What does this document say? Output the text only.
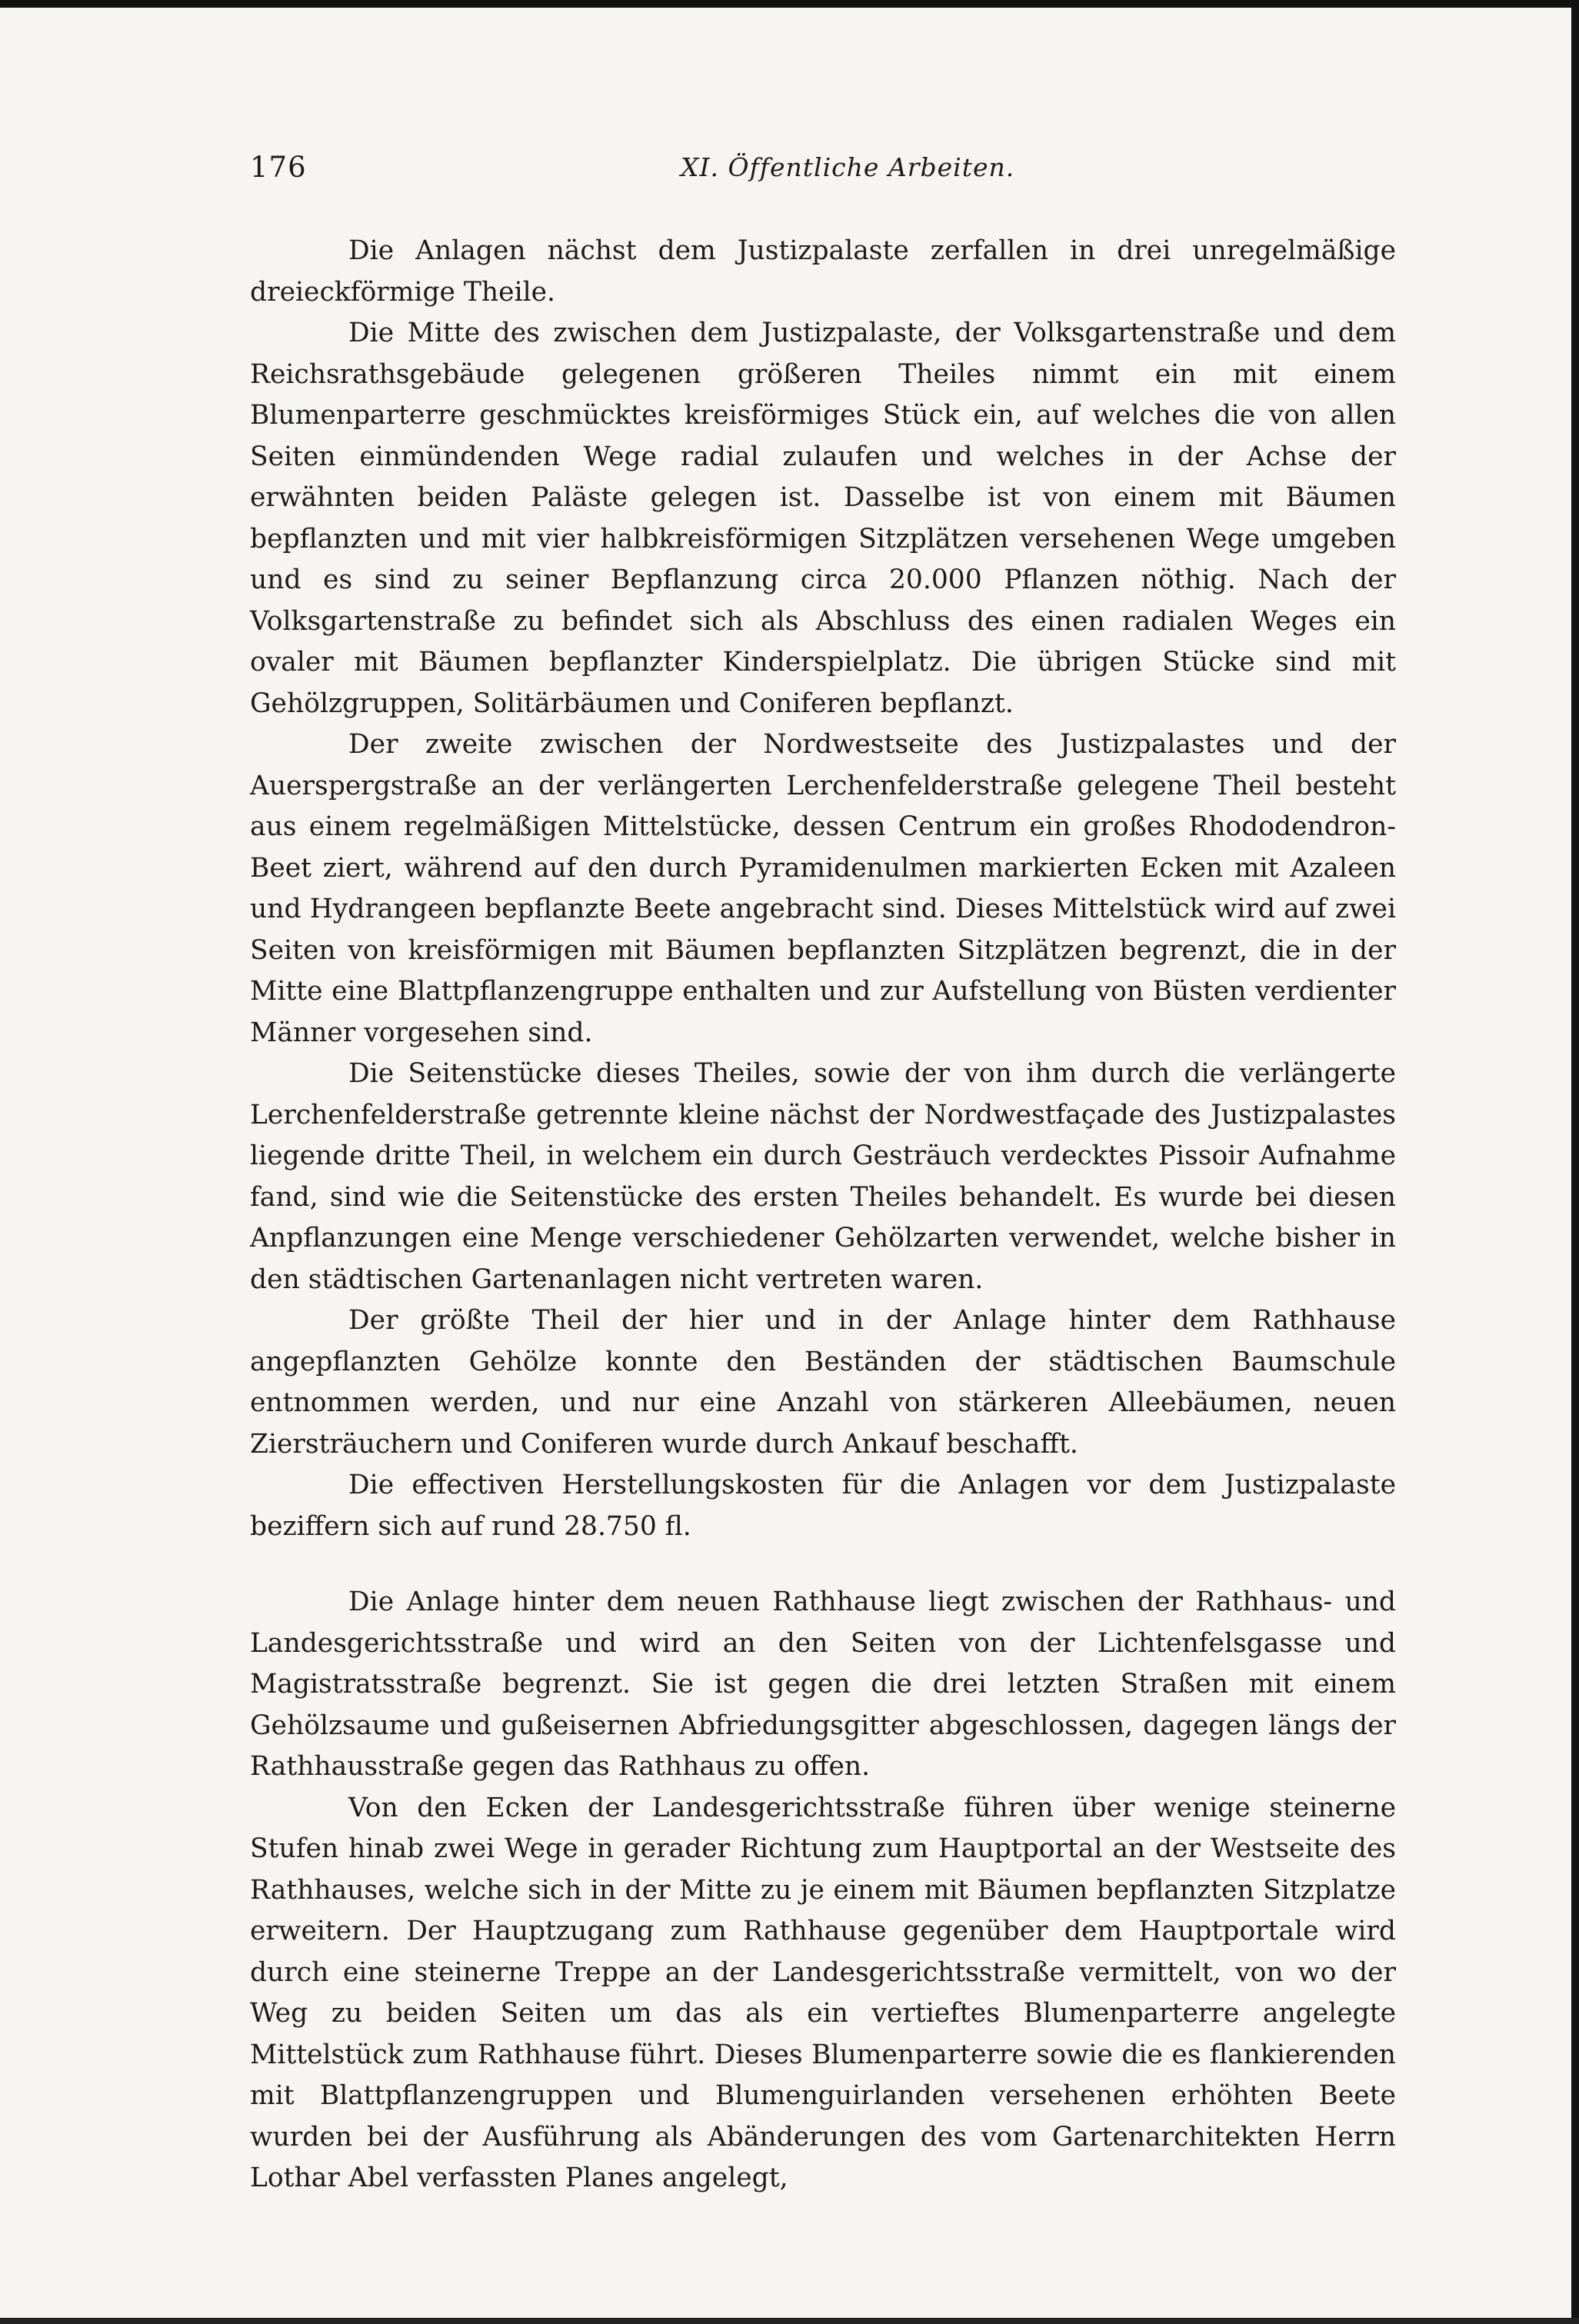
176	XI. Öffentliche Arbeiten.

Die Anlagen nächst dem Justizpalaste zerfallen in drei unregelmäßige dreieckförmige Theile.

Die Mitte des zwischen dem Justizpalaste, der Volksgartenstraße und dem Reichsrathsgebäude gelegenen größeren Theiles nimmt ein mit einem Blumenparterre geschmücktes kreisförmiges Stück ein, auf welches die von allen Seiten einmündenden Wege radial zulaufen und welches in der Achse der erwähnten beiden Paläste gelegen ist. Dasselbe ist von einem mit Bäumen bepflanzten und mit vier halbkreisförmigen Sitzplätzen versehenen Wege umgeben und es sind zu seiner Bepflanzung circa 20.000 Pflanzen nöthig. Nach der Volksgartenstraße zu befindet sich als Abschluss des einen radialen Weges ein ovaler mit Bäumen bepflanzter Kinderspielplatz. Die übrigen Stücke sind mit Gehölzgruppen, Solitärbäumen und Coniferen bepflanzt.

Der zweite zwischen der Nordwestseite des Justizpalastes und der Auerspergstraße an der verlängerten Lerchenfelderstraße gelegene Theil besteht aus einem regelmäßigen Mittelstücke, dessen Centrum ein großes Rhododendron-Beet ziert, während auf den durch Pyramidenulmen markierten Ecken mit Azaleen und Hydrangeen bepflanzte Beete angebracht sind. Dieses Mittelstück wird auf zwei Seiten von kreisförmigen mit Bäumen bepflanzten Sitzplätzen begrenzt, die in der Mitte eine Blattpflanzengruppe enthalten und zur Aufstellung von Büsten verdienter Männer vorgesehen sind.

Die Seitenstücke dieses Theiles, sowie der von ihm durch die verlängerte Lerchenfelderstraße getrennte kleine nächst der Nordwestfaçade des Justizpalastes liegende dritte Theil, in welchem ein durch Gesträuch verdecktes Pissoir Aufnahme fand, sind wie die Seitenstücke des ersten Theiles behandelt. Es wurde bei diesen Anpflanzungen eine Menge verschiedener Gehölzarten verwendet, welche bisher in den städtischen Gartenanlagen nicht vertreten waren.

Der größte Theil der hier und in der Anlage hinter dem Rathhause angepflanzten Gehölze konnte den Beständen der städtischen Baumschule entnommen werden, und nur eine Anzahl von stärkeren Alleebäumen, neuen Ziersträuchern und Coniferen wurde durch Ankauf beschafft.

Die effectiven Herstellungskosten für die Anlagen vor dem Justizpalaste beziffern sich auf rund 28.750 fl.

Die Anlage hinter dem neuen Rathhause liegt zwischen der Rathhaus- und Landesgerichtsstraße und wird an den Seiten von der Lichtenfelsgasse und Magistratsstraße begrenzt. Sie ist gegen die drei letzten Straßen mit einem Gehölzsaume und gußeisernen Abfriedungsgitter abgeschlossen, dagegen längs der Rathhausstraße gegen das Rathhaus zu offen.

Von den Ecken der Landesgerichtsstraße führen über wenige steinerne Stufen hinab zwei Wege in gerader Richtung zum Hauptportal an der Westseite des Rathhauses, welche sich in der Mitte zu je einem mit Bäumen bepflanzten Sitzplatze erweitern. Der Hauptzugang zum Rathhause gegenüber dem Hauptportale wird durch eine steinerne Treppe an der Landesgerichtsstraße vermittelt, von wo der Weg zu beiden Seiten um das als ein vertieftes Blumenparterre angelegte Mittelstück zum Rathhause führt. Dieses Blumenparterre sowie die es flankierenden mit Blattpflanzengruppen und Blumenguirlanden versehenen erhöhten Beete wurden bei der Ausführung als Abänderungen des vom Gartenarchitekten Herrn Lothar Abel verfassten Planes angelegt,
